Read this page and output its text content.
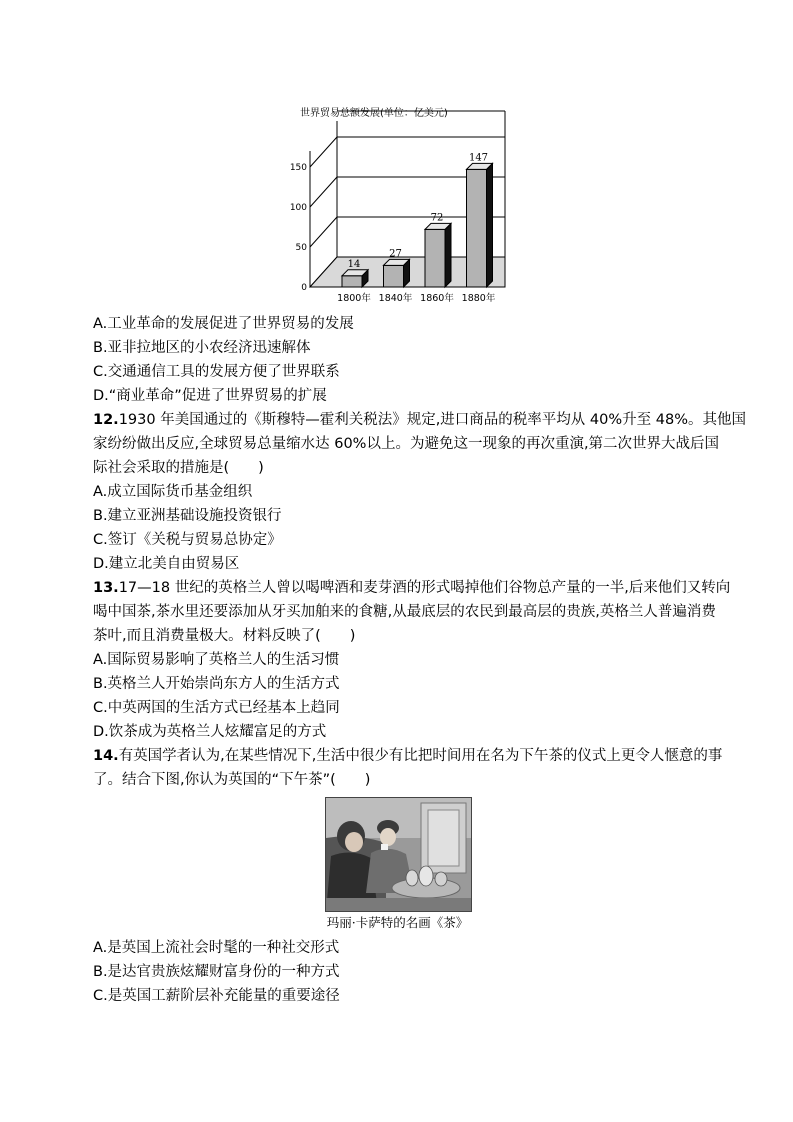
世界贸易总额发展(单位：亿美元)
0
50
100
150
14
1800年
27
1840年
72
1860年
147
1880年
A.工业革命的发展促进了世界贸易的发展
B.亚非拉地区的小农经济迅速解体
C.交通通信工具的发展方便了世界联系
D.“商业革命”促进了世界贸易的扩展
12.1930 年美国通过的《斯穆特—霍利关税法》规定,进口商品的税率平均从 40%升至 48%。其他国
家纷纷做出反应,全球贸易总量缩水达 60%以上。为避免这一现象的再次重演,第二次世界大战后国
际社会采取的措施是(　　)
A.成立国际货币基金组织
B.建立亚洲基础设施投资银行
C.签订《关税与贸易总协定》
D.建立北美自由贸易区
13.17—18 世纪的英格兰人曾以喝啤酒和麦芽酒的形式喝掉他们谷物总产量的一半,后来他们又转向
喝中国茶,茶水里还要添加从牙买加舶来的食糖,从最底层的农民到最高层的贵族,英格兰人普遍消费
茶叶,而且消费量极大。材料反映了(　　)
A.国际贸易影响了英格兰人的生活习惯
B.英格兰人开始崇尚东方人的生活方式
C.中英两国的生活方式已经基本上趋同
D.饮茶成为英格兰人炫耀富足的方式
14.有英国学者认为,在某些情况下,生活中很少有比把时间用在名为下午茶的仪式上更令人惬意的事
了。结合下图,你认为英国的“下午茶”(　　)
玛丽·卡萨特的名画《茶》
A.是英国上流社会时髦的一种社交形式
B.是达官贵族炫耀财富身份的一种方式
C.是英国工薪阶层补充能量的重要途径
